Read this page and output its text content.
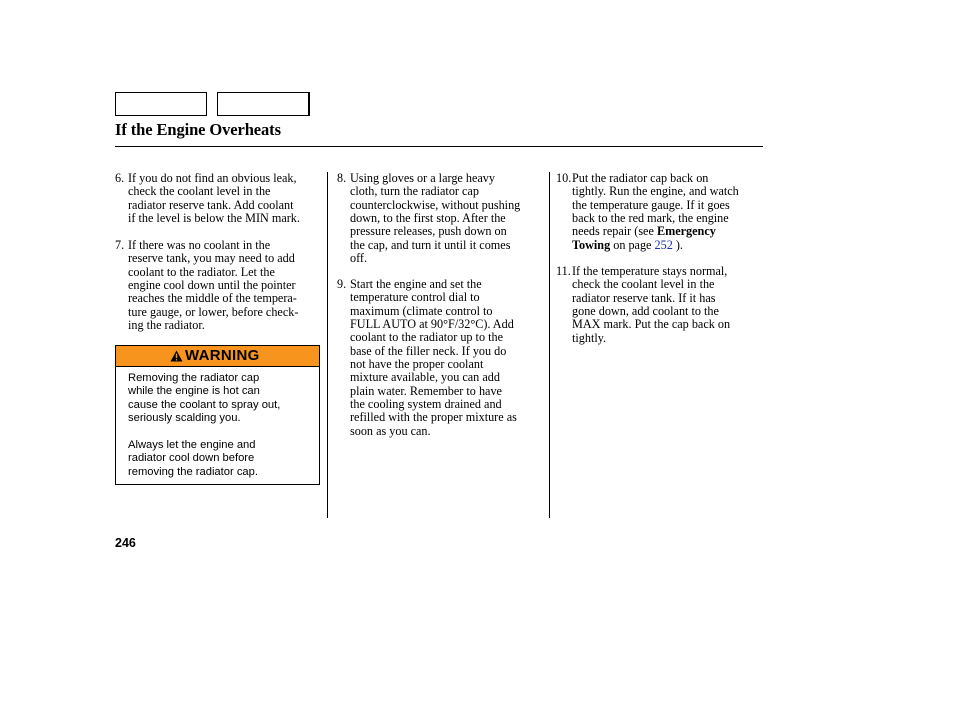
If the Engine Overheats
6. If you do not find an obvious leak,
check the coolant level in the
radiator reserve tank. Add coolant
if the level is below the MIN mark.
7. If there was no coolant in the
reserve tank, you may need to add
coolant to the radiator. Let the
engine cool down until the pointer
reaches the middle of the tempera-
ture gauge, or lower, before check-
ing the radiator.
WARNING
Removing the radiator cap
while the engine is hot can
cause the coolant to spray out,
seriously scalding you.
Always let the engine and
radiator cool down before
removing the radiator cap.
8. Using gloves or a large heavy
cloth, turn the radiator cap
counterclockwise, without pushing
down, to the first stop. After the
pressure releases, push down on
the cap, and turn it until it comes
off.
9. Start the engine and set the
temperature control dial to
maximum (climate control to
FULL AUTO at 90°F/32°C). Add
coolant to the radiator up to the
base of the filler neck. If you do
not have the proper coolant
mixture available, you can add
plain water. Remember to have
the cooling system drained and
refilled with the proper mixture as
soon as you can.
10. Put the radiator cap back on
tightly. Run the engine, and watch
the temperature gauge. If it goes
back to the red mark, the engine
needs repair (see Emergency
Towing on page 252 ).
11. If the temperature stays normal,
check the coolant level in the
radiator reserve tank. If it has
gone down, add coolant to the
MAX mark. Put the cap back on
tightly.
246
